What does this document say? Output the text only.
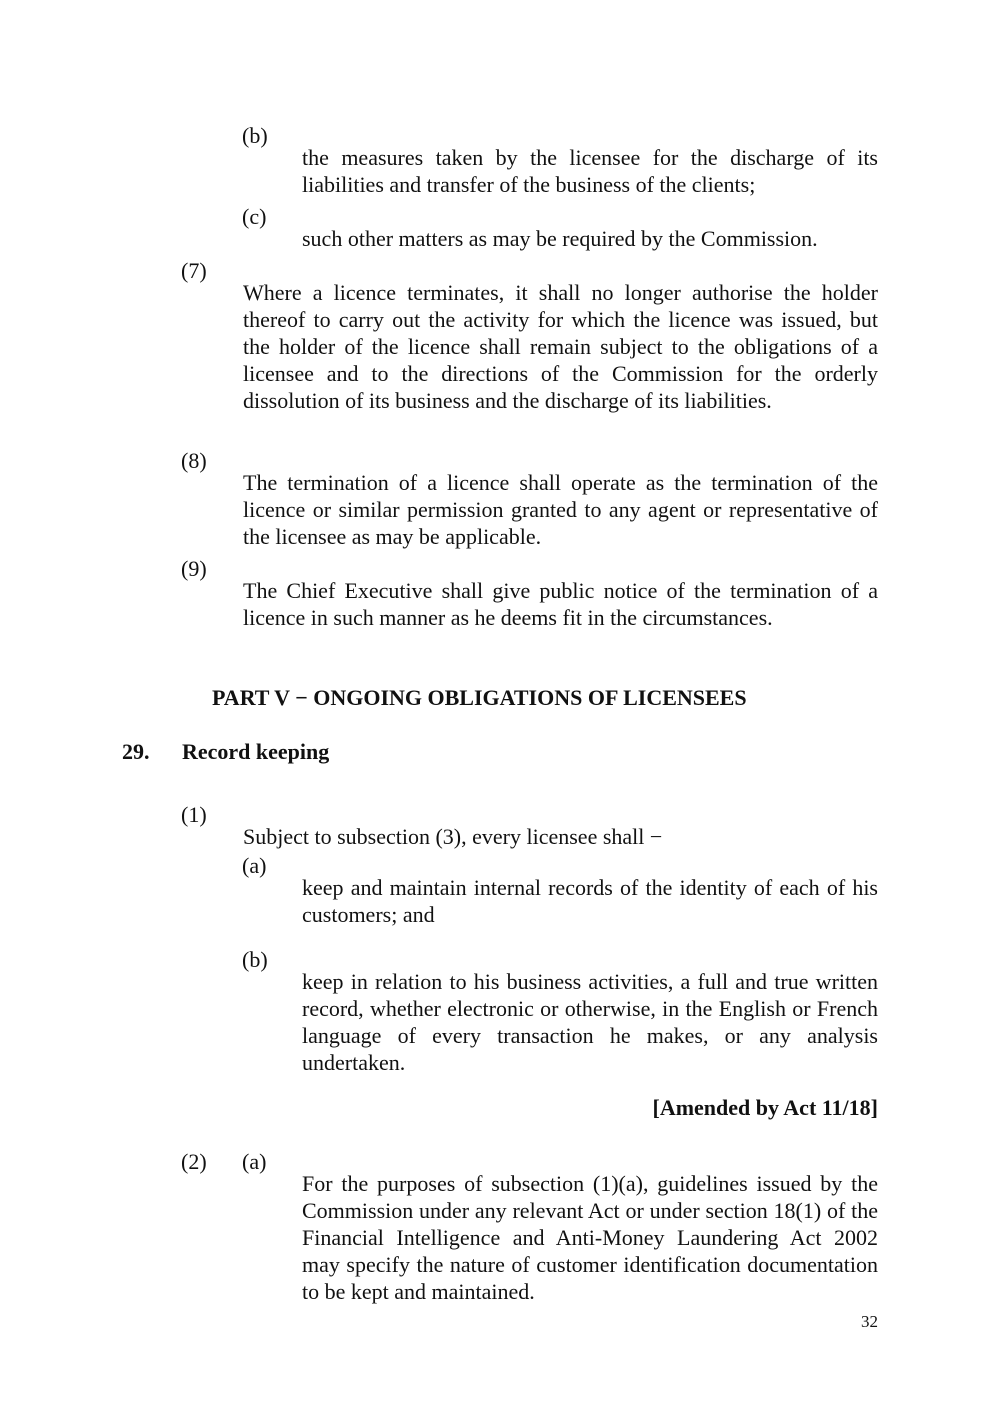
(b)

the measures taken by the licensee for the discharge of its liabilities and transfer of the business of the clients;

(c)

such other matters as may be required by the Commission.

(7)

Where a licence terminates, it shall no longer authorise the holder thereof to carry out the activity for which the licence was issued, but the holder of the licence shall remain subject to the obligations of a licensee and to the directions of the Commission for the orderly dissolution of its business and the discharge of its liabilities.

(8)

The termination of a licence shall operate as the termination of the licence or similar permission granted to any agent or representative of the licensee as may be applicable.

(9)

The Chief Executive shall give public notice of the termination of a licence in such manner as he deems fit in the circumstances.

PART V − ONGOING OBLIGATIONS OF LICENSEES
29. Record keeping
(1)

Subject to subsection (3), every licensee shall −

(a)

keep and maintain internal records of the identity of each of his customers; and

(b)

keep in relation to his business activities, a full and true written record, whether electronic or otherwise, in the English or French language of every transaction he makes, or any analysis undertaken.

[Amended by Act 11/18]
(2) (a)

For the purposes of subsection (1)(a), guidelines issued by the Commission under any relevant Act or under section 18(1) of the Financial Intelligence and Anti-Money Laundering Act 2002 may specify the nature of customer identification documentation to be kept and maintained.

32
